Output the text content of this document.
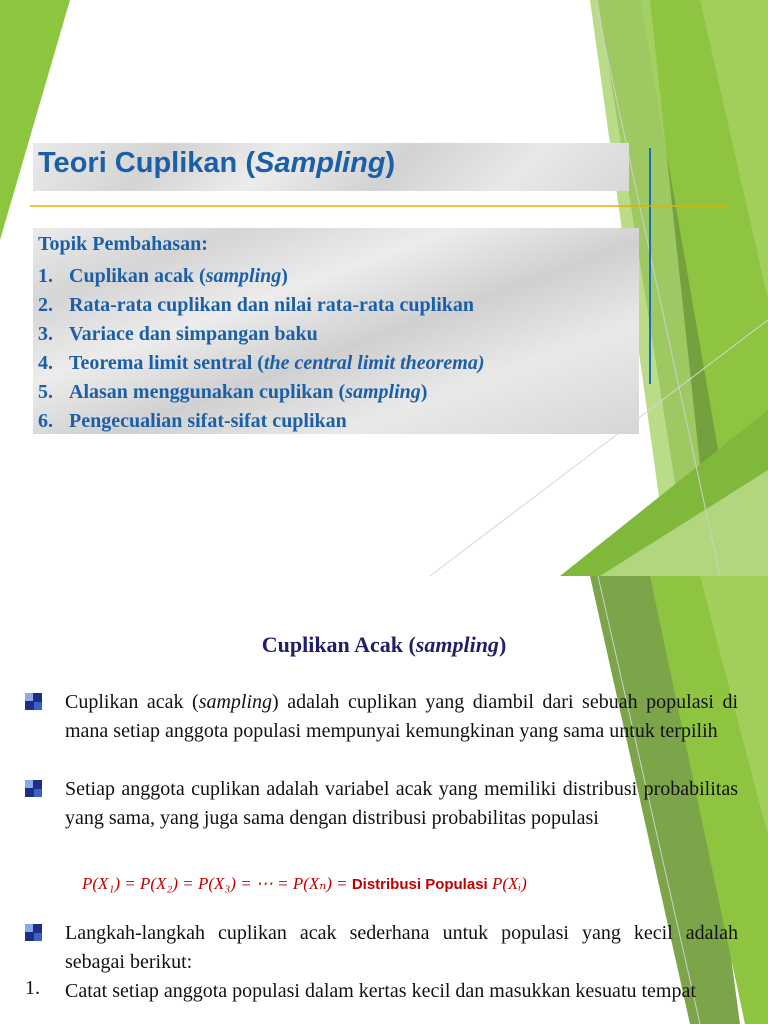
Teori Cuplikan (Sampling)
Topik Pembahasan:
1. Cuplikan acak (sampling)
2. Rata-rata cuplikan dan nilai rata-rata cuplikan
3. Variace dan simpangan baku
4. Teorema limit sentral (the central limit theorema)
5. Alasan menggunakan cuplikan (sampling)
6. Pengecualian sifat-sifat cuplikan
Cuplikan Acak (sampling)

Cuplikan acak (sampling) adalah cuplikan yang diambil dari sebuah populasi di mana setiap anggota populasi mempunyai kemungkinan yang sama untuk terpilih

Setiap anggota cuplikan adalah variabel acak yang memiliki distribusi probabilitas yang sama, yang juga sama dengan distribusi probabilitas populasi

P(X₁) = P(X₂) = P(X₃) = ⋯ = P(Xₙ) = Distribusi Populasi P(Xᵢ)

Langkah-langkah cuplikan acak sederhana untuk populasi yang kecil adalah sebagai berikut:

1. Catat setiap anggota populasi dalam kertas kecil dan masukkan kesuatu tempat
